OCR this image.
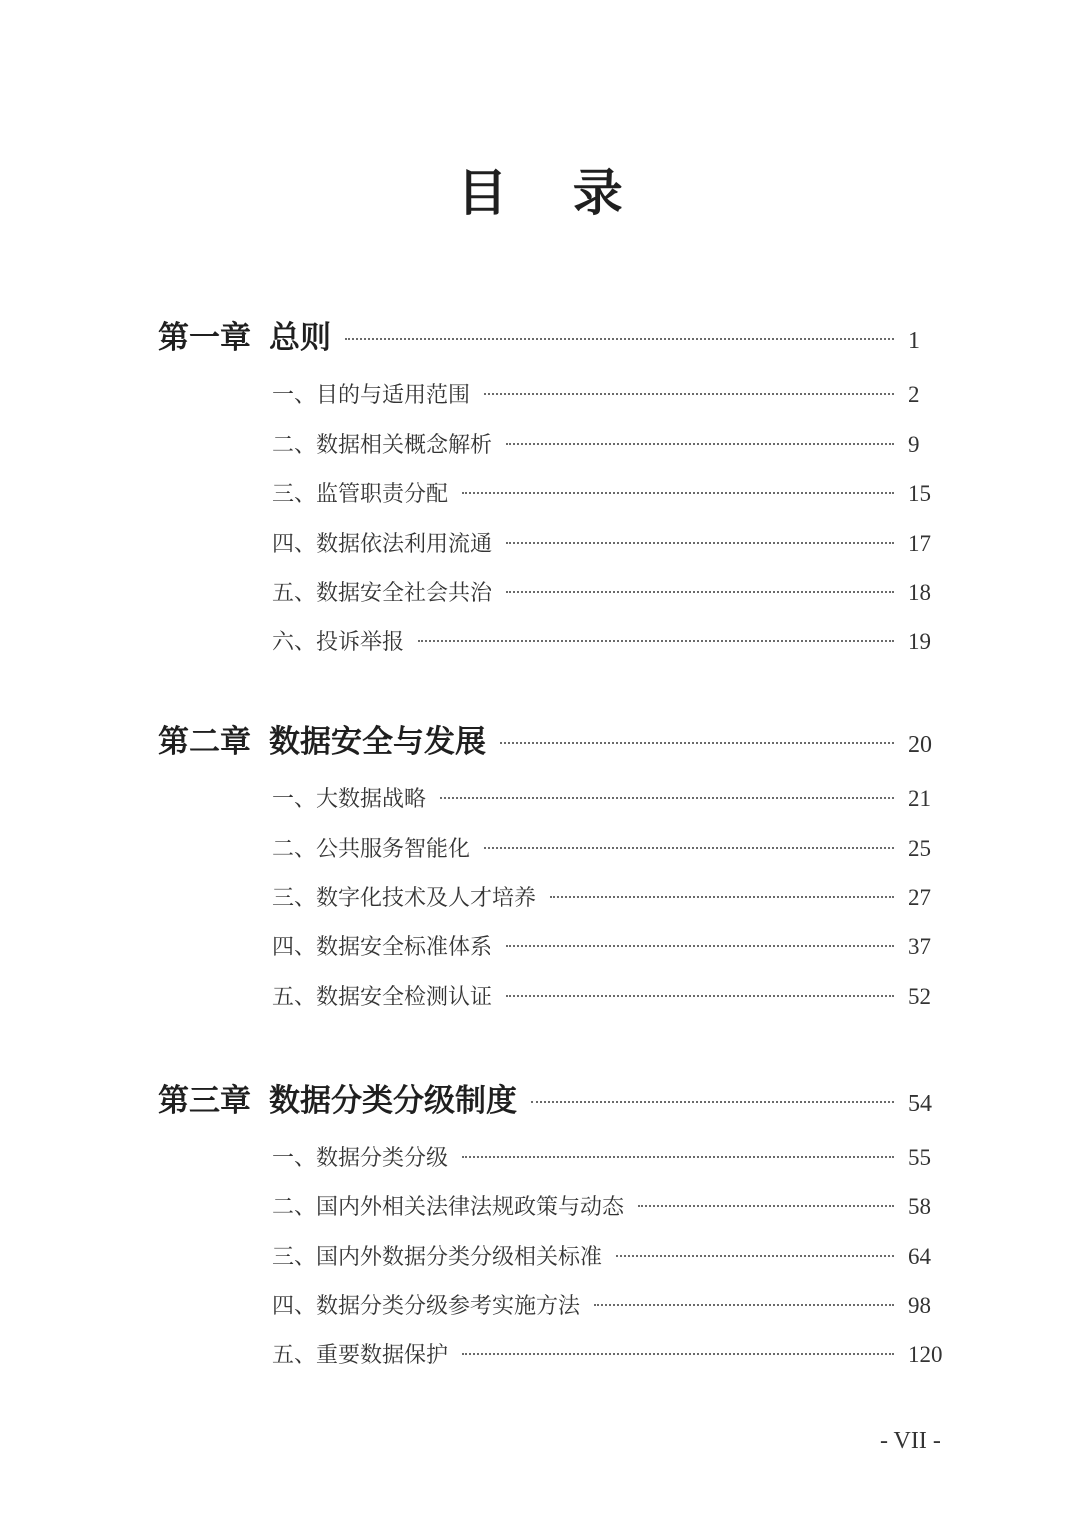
目 录
第一章 总则	1
一、目的与适用范围	2
二、数据相关概念解析	9
三、监管职责分配	15
四、数据依法利用流通	17
五、数据安全社会共治	18
六、投诉举报	19
第二章 数据安全与发展	20
一、大数据战略	21
二、公共服务智能化	25
三、数字化技术及人才培养	27
四、数据安全标准体系	37
五、数据安全检测认证	52
第三章 数据分类分级制度	54
一、数据分类分级	55
二、国内外相关法律法规政策与动态	58
三、国内外数据分类分级相关标准	64
四、数据分类分级参考实施方法	98
五、重要数据保护	120
- VII -
